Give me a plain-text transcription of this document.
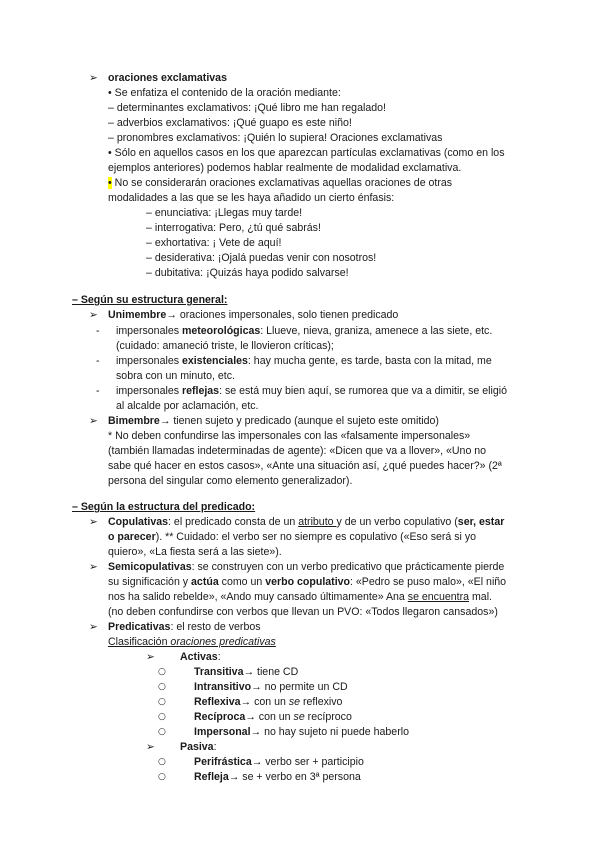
➢ oraciones exclamativas
• Se enfatiza el contenido de la oración mediante:
– determinantes exclamativos: ¡Qué libro me han regalado!
– adverbios exclamativos: ¡Qué guapo es este niño!
– pronombres exclamativos: ¡Quién lo supiera! Oraciones exclamativas
• Sólo en aquellos casos en los que aparezcan partículas exclamativas (como en los
ejemplos anteriores) podemos hablar realmente de modalidad exclamativa.
• No se considerarán oraciones exclamativas aquellas oraciones de otras
modalidades a las que se les haya añadido un cierto énfasis:
– enunciativa: ¡Llegas muy tarde!
– interrogativa: Pero, ¿tú qué sabrás!
– exhortativa: ¡ Vete de aquí!
– desiderativa: ¡Ojalá puedas venir con nosotros!
– dubitativa: ¡Quizás haya podido salvarse!
– Según su estructura general:
➢ Unimembre→ oraciones impersonales, solo tienen predicado
- impersonales meteorológicas: Llueve, nieva, graniza, amenece a las siete, etc.
(cuidado: amaneció triste, le llovieron críticas);
- impersonales existenciales: hay mucha gente, es tarde, basta con la mitad, me
sobra con un minuto, etc.
- impersonales reflejas: se está muy bien aquí, se rumorea que va a dimitir, se eligió
al alcalde por aclamación, etc.
➢ Bimembre→ tienen sujeto y predicado (aunque el sujeto este omitido)
* No deben confundirse las impersonales con las «falsamente impersonales»
(también llamadas indeterminadas de agente): «Dicen que va a llover», «Uno no
sabe qué hacer en estos casos», «Ante una situación así, ¿qué puedes hacer?» (2ª
persona del singular como elemento generalizador).
– Según la estructura del predicado:
➢ Copulativas: el predicado consta de un atributo y de un verbo copulativo (ser, estar
o parecer). ** Cuidado: el verbo ser no siempre es copulativo («Eso será si yo
quiero», «La fiesta será a las siete»).
➢ Semicopulativas: se construyen con un verbo predicativo que prácticamente pierde
su significación y actúa como un verbo copulativo: «Pedro se puso malo», «El niño
nos ha salido rebelde», «Ando muy cansado últimamente» Ana se encuentra mal.
(no deben confundirse con verbos que llevan un PVO: «Todos llegaron cansados»)
➢ Predicativas: el resto de verbos
Clasificación oraciones predicativas
➢ Activas:
○	Transitiva→ tiene CD
○	Intransitivo→ no permite un CD
○	Reflexiva→ con un se reflexivo
○	Recíproca→ con un se recíproco
○	Impersonal→ no hay sujeto ni puede haberlo
➢ Pasiva:
○	Perifrástica→ verbo ser + participio
○	Refleja→ se + verbo en 3ª persona
